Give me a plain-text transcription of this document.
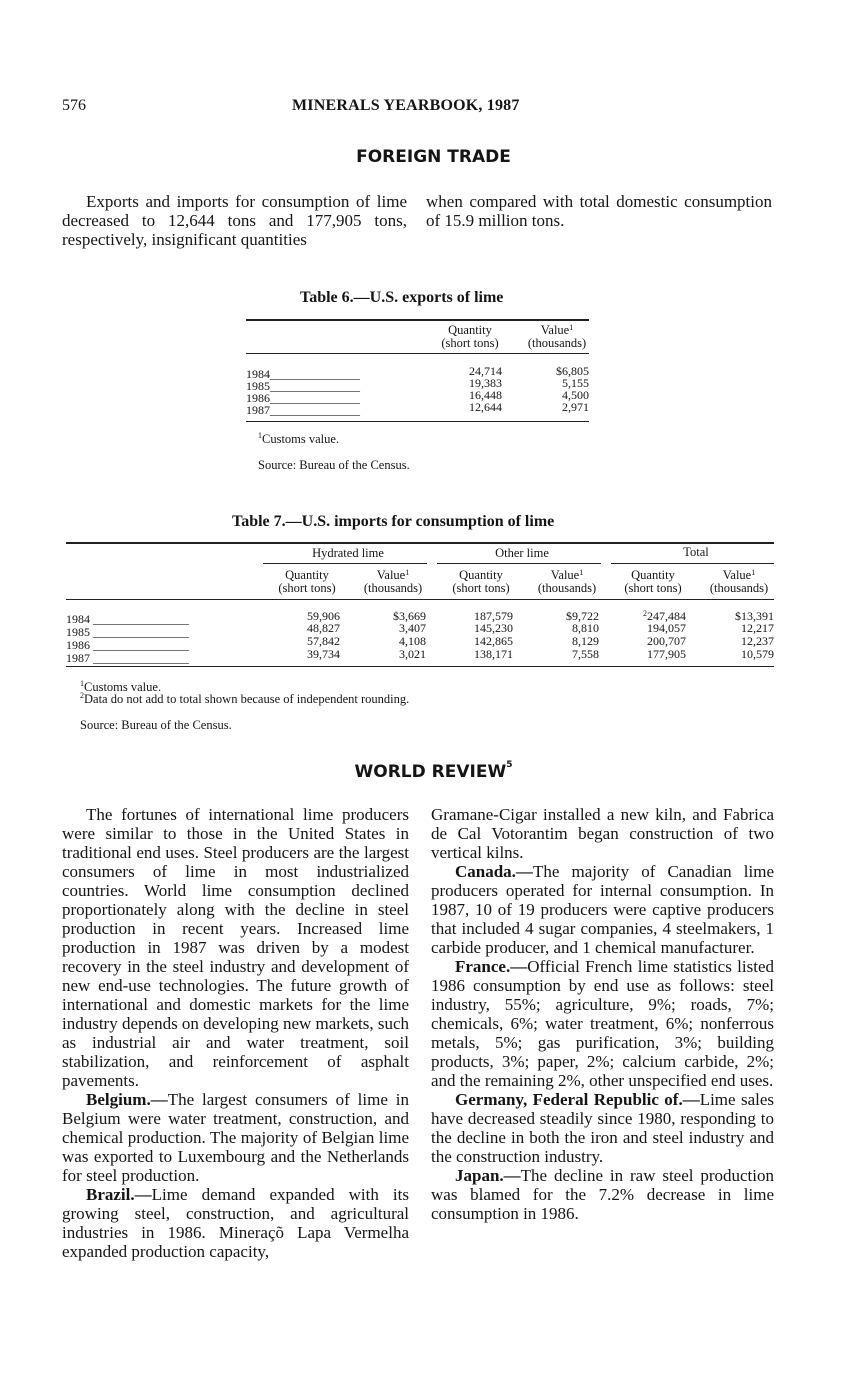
576	MINERALS YEARBOOK, 1987
FOREIGN TRADE

Exports and imports for consumption of lime decreased to 12,644 tons and 177,905 tons, respectively, insignificant quantities

when compared with total domestic consumption of 15.9 million tons.

Table 6.—U.S. exports of lime
Quantity
(short tons)
Value$^1$
(thousands)
1984_______________	24,714	$6,805
1985_______________	19,383	5,155
1986_______________	16,448	4,500
1987_______________	12,644	2,971
$^1$Customs value.
Source: Bureau of the Census.
Table 7.—U.S. imports for consumption of lime
Hydrated lime	Other lime	Total
Quantity
(short tons)
Value$^1$
(thousands)
Quantity
(short tons)
Value$^1$
(thousands)
Quantity
(short tons)
Value$^1$
(thousands)
1984 ________________	59,906	$3,669	187,579	$9,722	$^2$247,484	$13,391
1985 ________________	48,827	3,407	145,230	8,810	194,057	12,217
1986 ________________	57,842	4,108	142,865	8,129	200,707	12,237
1987 ________________	39,734	3,021	138,171	7,558	177,905	10,579
$^1$Customs value.
$^2$Data do not add to total shown because of independent rounding.
Source: Bureau of the Census.
WORLD REVIEW$^5$

The fortunes of international lime producers were similar to those in the United States in traditional end uses. Steel producers are the largest consumers of lime in most industrialized countries. World lime consumption declined proportionately along with the decline in steel production in recent years. Increased lime production in 1987 was driven by a modest recovery in the steel industry and development of new end-use technologies. The future growth of international and domestic markets for the lime industry depends on developing new markets, such as industrial air and water treatment, soil stabilization, and reinforcement of asphalt pavements.

Belgium.—The largest consumers of lime in Belgium were water treatment, construction, and chemical production. The majority of Belgian lime was exported to Luxembourg and the Netherlands for steel production.

Brazil.—Lime demand expanded with its growing steel, construction, and agricultural industries in 1986. Mineraçõ Lapa Vermelha expanded production capacity,

Gramane-Cigar installed a new kiln, and Fabrica de Cal Votorantim began construction of two vertical kilns.

Canada.—The majority of Canadian lime producers operated for internal consumption. In 1987, 10 of 19 producers were captive producers that included 4 sugar companies, 4 steelmakers, 1 carbide producer, and 1 chemical manufacturer.

France.—Official French lime statistics listed 1986 consumption by end use as follows: steel industry, 55%; agriculture, 9%; roads, 7%; chemicals, 6%; water treatment, 6%; nonferrous metals, 5%; gas purification, 3%; building products, 3%; paper, 2%; calcium carbide, 2%; and the remaining 2%, other unspecified end uses.

Germany, Federal Republic of.—Lime sales have decreased steadily since 1980, responding to the decline in both the iron and steel industry and the construction industry.

Japan.—The decline in raw steel production was blamed for the 7.2% decrease in lime consumption in 1986.
